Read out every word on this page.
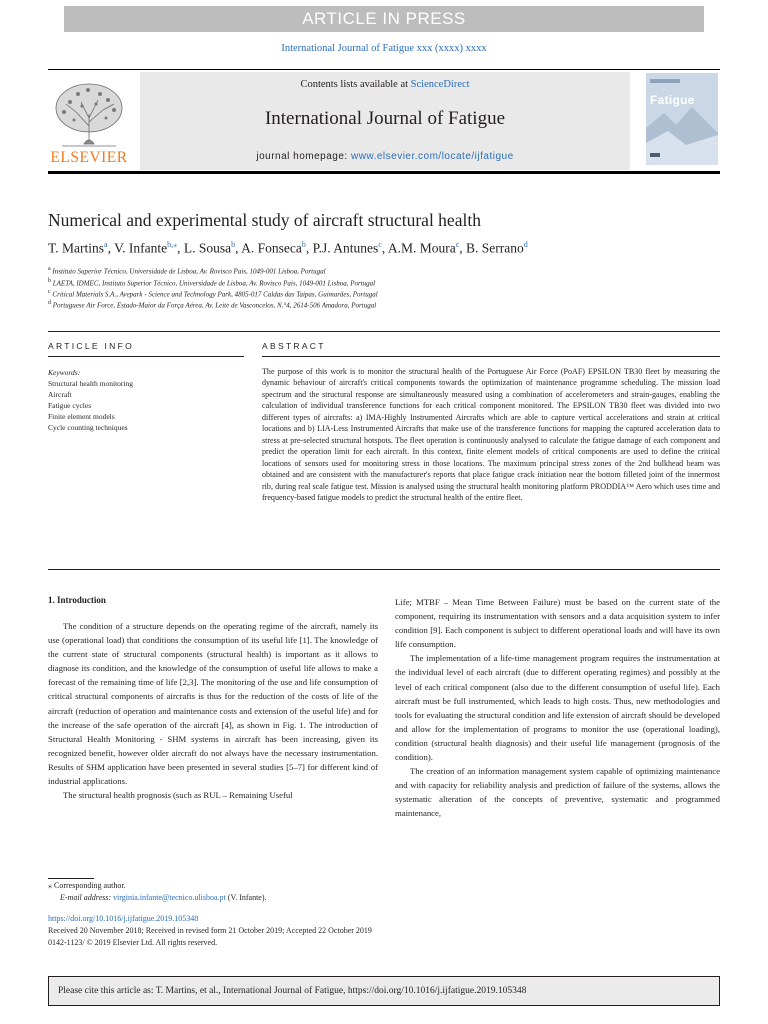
ARTICLE IN PRESS
International Journal of Fatigue xxx (xxxx) xxxx
ELSEVIER
Contents lists available at ScienceDirect
International Journal of Fatigue
journal homepage: www.elsevier.com/locate/ijfatigue
Fatigue
Numerical and experimental study of aircraft structural health
T. Martins$^a$, V. Infante$^{b,⁎}$, L. Sousa$^b$, A. Fonseca$^b$, P.J. Antunes$^c$, A.M. Moura$^c$, B. Serrano$^d$
$^a$ Instituto Superior Técnico, Universidade de Lisboa, Av. Rovisco Pais, 1049-001 Lisboa, Portugal
$^b$ LAETA, IDMEC, Instituto Superior Técnico, Universidade de Lisboa, Av. Rovisco Pais, 1049-001 Lisboa, Portugal
$^c$ Critical Materials S.A., Avepark - Science and Technology Park, 4805-017 Caldas das Taipas, Guimarães, Portugal
$^d$ Portuguese Air Force, Estado-Maior da Força Aérea, Av. Leite de Vasconcelos, N.°4, 2614-506 Amadora, Portugal
ARTICLE INFO	ABSTRACT
Keywords:
Structural health monitoring
Aircraft
Fatigue cycles
Finite element models
Cycle counting techniques
The purpose of this work is to monitor the structural health of the Portuguese Air Force (PoAF) EPSILON TB30 fleet by measuring the dynamic behaviour of aircraft's critical components towards the optimization of maintenance programme scheduling. The mission load spectrum and the structural response are simultaneously measured using a combination of accelerometers and strain-gauges, enabling the calculation of individual transference functions for each critical component monitored. The EPSILON TB30 fleet was divided into two different types of aircrafts: a) IMA-Highly Instrumented Aircrafts which are able to capture vertical accelerations and strain at critical locations and b) LIA-Less Instrumented Aircrafts that make use of the transference functions for mapping the captured acceleration data to stress at pre-selected structural hotspots. The fleet operation is continuously analysed to calculate the fatigue damage of each component and predict the operation limit for each aircraft. In this context, finite element models of critical components are used to define the critical locations of sensors used for monitoring stress in those locations. The maximum principal stress zones of the 2nd bulkhead beam was obtained and are consistent with the manufacturer's reports that place fatigue crack initiation near the bottom filleted joint of the innermost rib, during real scale fatigue test. Mission is analysed using the structural health monitoring platform PRODDIA™ Aero which uses time and frequency-based fatigue models to predict the structural health of the entire fleet.
1. Introduction

The condition of a structure depends on the operating regime of the aircraft, namely its use (operational load) that conditions the consumption of its useful life [1]. The knowledge of the current state of structural components (structural health) is important as it allows to diagnose its condition, and the knowledge of the consumption of useful life allows to make a forecast of the remaining time of life [2,3]. The monitoring of the use and life consumption of critical structural components of aircrafts is thus for the reduction of the costs of life of the aircraft (reduction of operation and maintenance costs and extension of the useful life) and for the increase of the safe operation of the aircraft [4], as shown in Fig. 1. The introduction of Structural Health Monitoring - SHM systems in aircraft has been increasing, given its recognized benefit, however older aircraft do not always have the necessary instrumentation. Results of SHM application have been presented in several studies [5–7] for different kind of industrial applications.

The structural health prognosis (such as RUL – Remaining Useful

Life; MTBF – Mean Time Between Failure) must be based on the current state of the component, requiring its instrumentation with sensors and a data acquisition system to infer condition [9]. Each component is subject to different operational loads and will have its own life consumption.

The implementation of a life-time management program requires the instrumentation at the individual level of each aircraft (due to different operating regimes) and possibly at the level of each critical component (also due to the different consumption of useful life). Each aircraft must be full instrumented, which leads to high costs. Thus, new methodologies and tools for evaluating the structural condition and life extension of aircraft should be developed and allow for the implementation of programs to monitor the use (operational loading), condition (structural health diagnosis) and their useful life management (prognosis of the condition).

The creation of an information management system capable of optimizing maintenance and with capacity for reliability analysis and prediction of failure of the systems, allows the systematic alteration of the concepts of preventive, systematic and programmed maintenance,

⁎ Corresponding author.
E-mail address: virginia.infante@tecnico.ulisboa.pt (V. Infante).
https://doi.org/10.1016/j.ijfatigue.2019.105348
Received 20 November 2018; Received in revised form 21 October 2019; Accepted 22 October 2019
0142-1123/ © 2019 Elsevier Ltd. All rights reserved.
Please cite this article as: T. Martins, et al., International Journal of Fatigue, https://doi.org/10.1016/j.ijfatigue.2019.105348
